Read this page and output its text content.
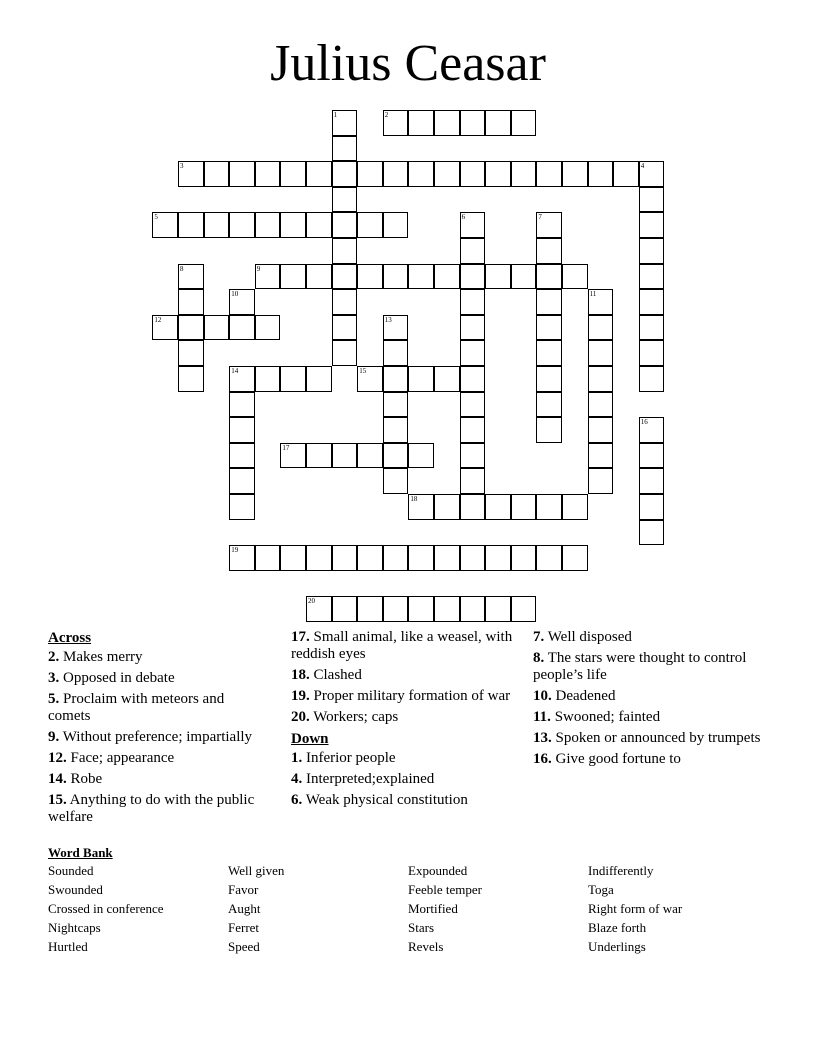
Julius Ceasar
1	2
3	4
5	6	7
8	9
10	11
12	13
14	15
16
17
18
19
20
Across
2. Makes merry
3. Opposed in debate
5. Proclaim with meteors and comets
9. Without preference; impartially
12. Face; appearance
14. Robe
15. Anything to do with the public welfare
17. Small animal, like a weasel, with reddish eyes
18. Clashed
19. Proper military formation of war
20. Workers; caps
Down
1. Inferior people
4. Interpreted;explained
6. Weak physical constitution
7. Well disposed
8. The stars were thought to control people’s life
10. Deadened
11. Swooned; fainted
13. Spoken or announced by trumpets
16. Give good fortune to
Word Bank
Sounded	Well given	Expounded	Indifferently
Swounded	Favor	Feeble temper	Toga
Crossed in conference	Aught	Mortified	Right form of war
Nightcaps	Ferret	Stars	Blaze forth
Hurtled	Speed	Revels	Underlings
